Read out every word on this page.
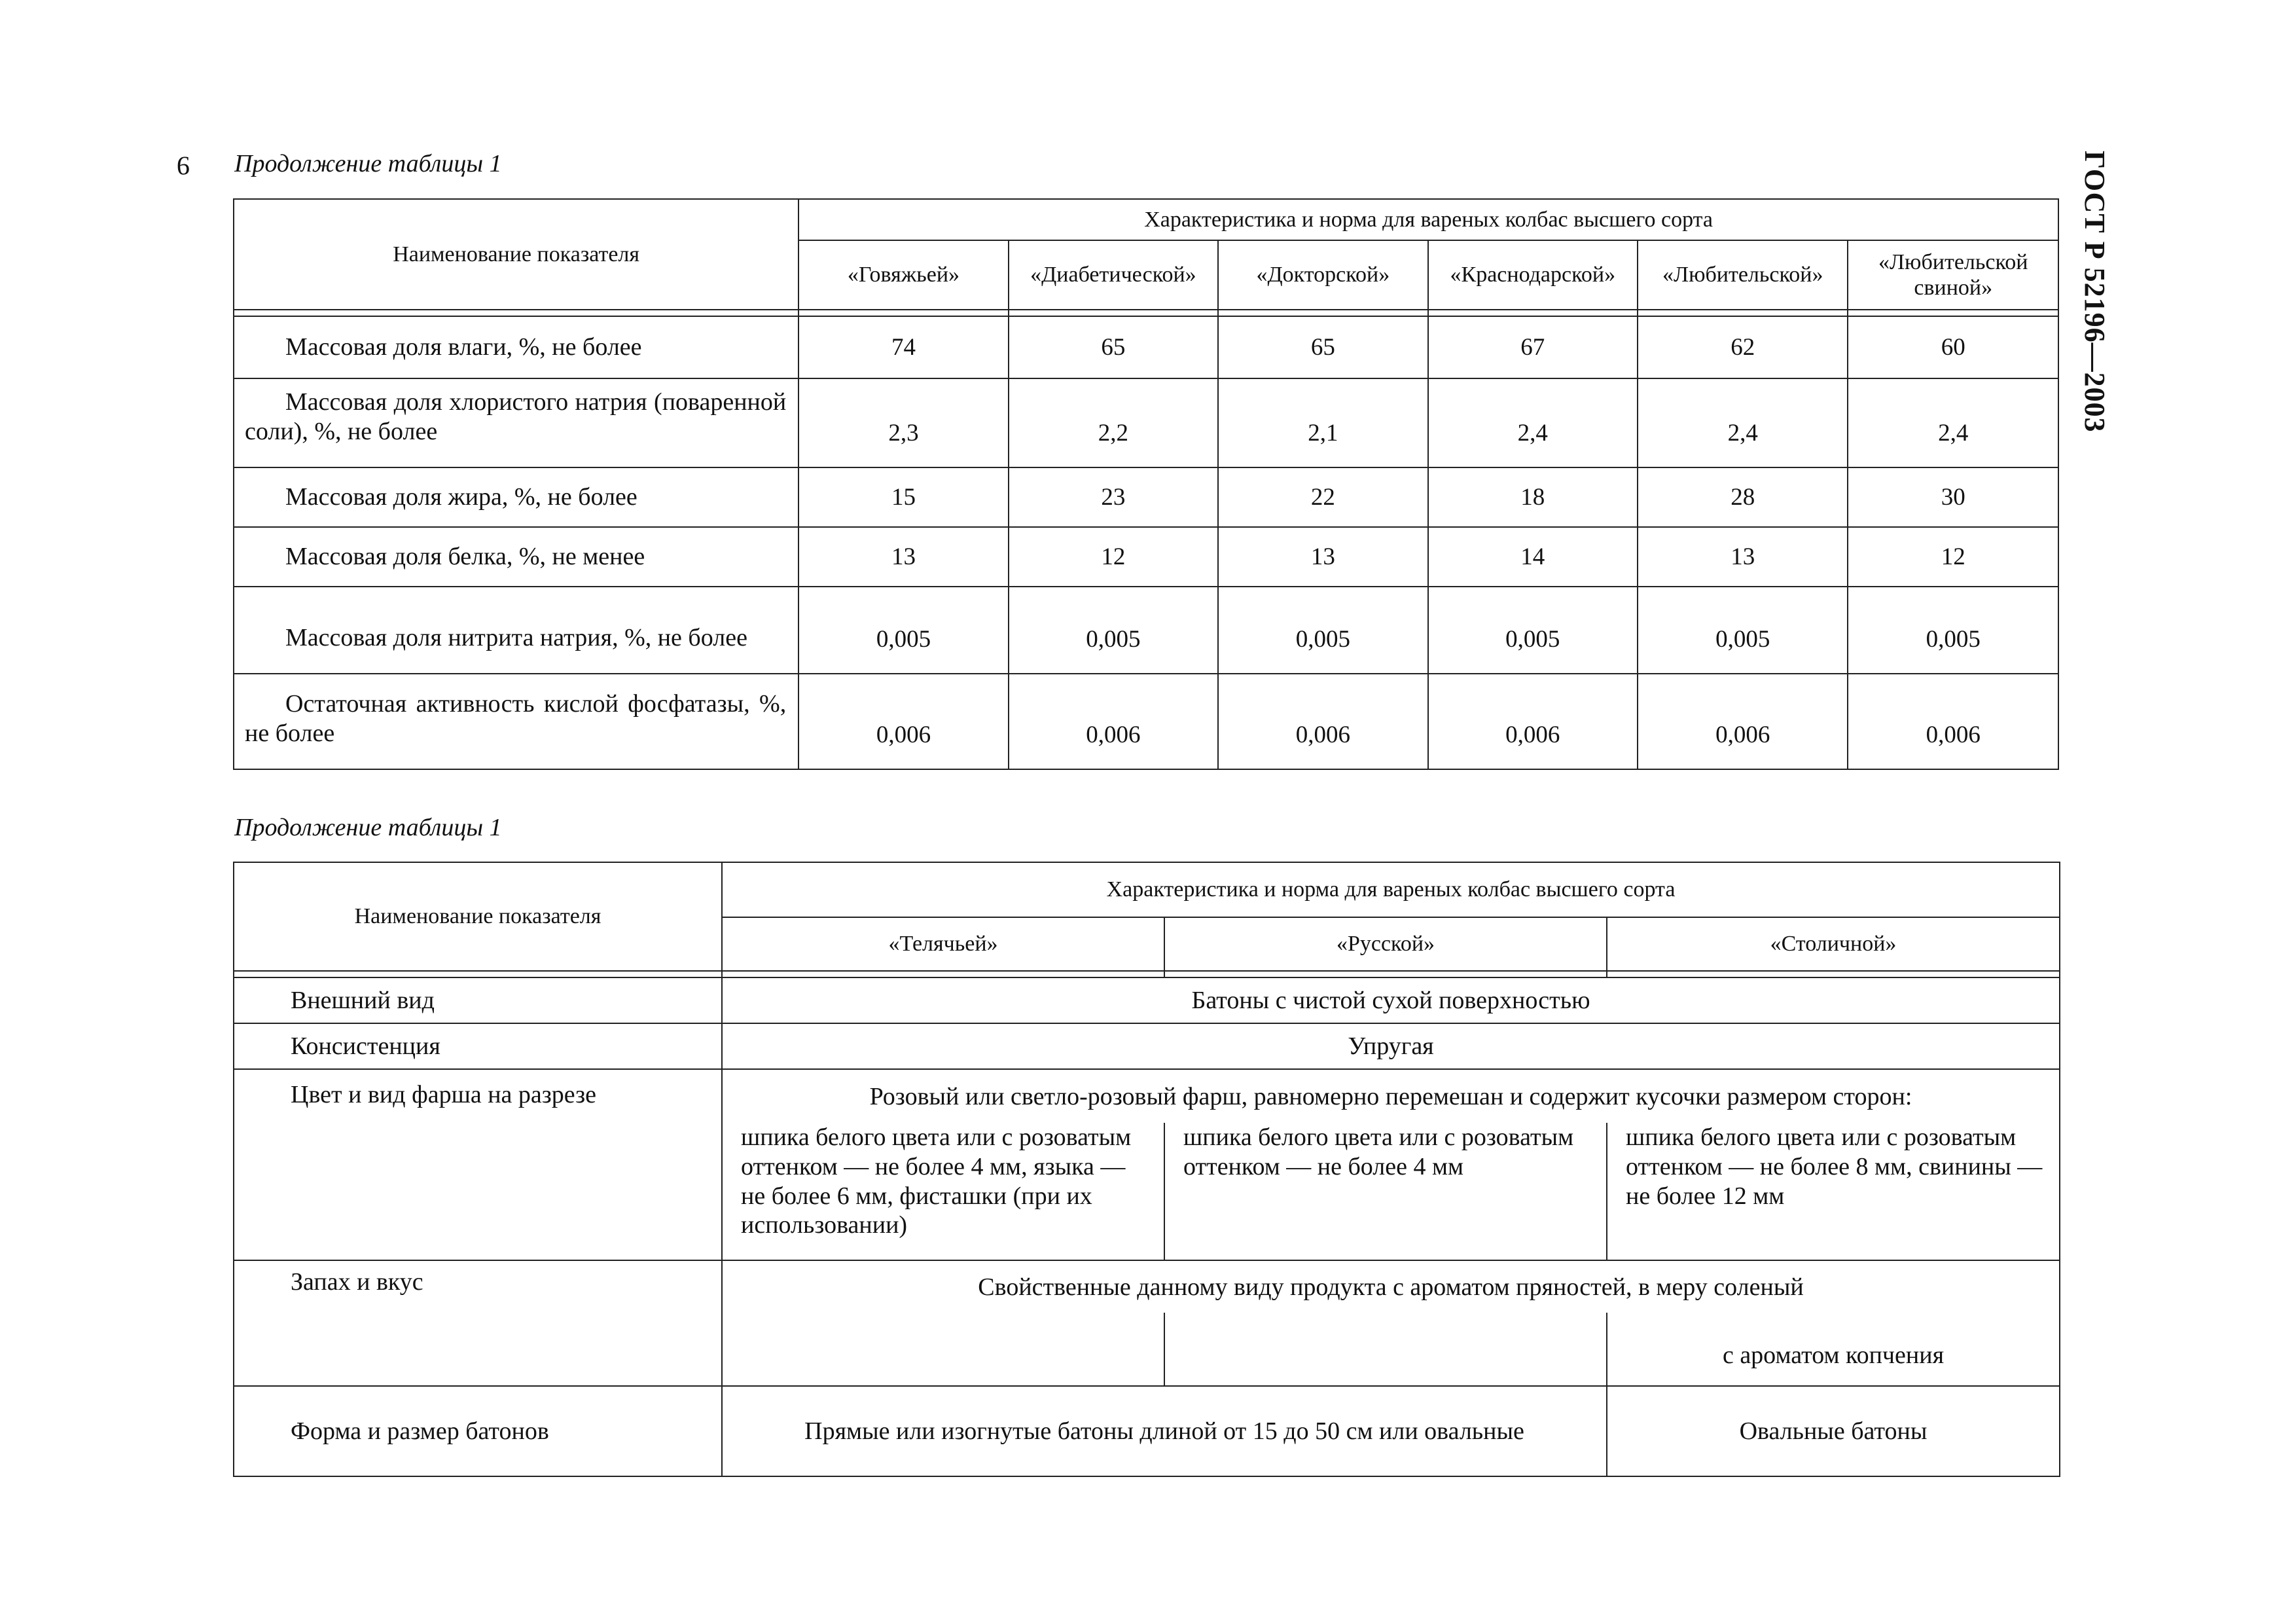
9	ГОСТ Р 52196—2003
Продолжение таблицы 1
Наименование показателя	Характеристика и норма для вареных колбас высшего сорта					
	«Говяжьей»	«Диабетической»	«Докторской»	«Краснодарской»	«Любительской»	«Любительской свиной»

Массовая доля влаги, %, не более	74	65	65	67	62	60
Массовая доля хлористого натрия (поваренной соли), %, не более	2,3	2,2	2,1	2,4	2,4	2,4
Массовая доля жира, %, не более	15	23	22	18	28	30
Массовая доля белка, %, не менее	13	12	13	14	13	12
Массовая доля нитрита натрия, %, не более	0,005	0,005	0,005	0,005	0,005	0,005
Остаточная активность кислой фосфатазы, %, не более	0,006	0,006	0,006	0,006	0,006	0,006
Продолжение таблицы 1
Наименование показателя	Характеристика и норма для вареных колбас высшего сорта		
	«Телячьей»	«Русской»	«Столичной»

Внешний вид	Батоны с чистой сухой поверхностью		
Консистенция	Упругая		
Цвет и вид фарша на разрезе	Розовый или светло-розовый фарш, равномерно перемешан и содержит кусочки размером сторон:		
	шпика белого цвета или с розоватым оттенком — не более 4 мм, языка — не более 6 мм, фисташки (при их использовании)	шпика белого цвета или с розоватым оттенком — не более 4 мм	шпика белого цвета или с розоватым оттенком — не более 8 мм, свинины — не более 12 мм
Запах и вкус	Свойственные данному виду продукта с ароматом пряностей, в меру соленый		
			с ароматом копчения
Форма и размер батонов	Прямые или изогнутые батоны длиной от 15 до 50 см или овальные		Овальные батоны
